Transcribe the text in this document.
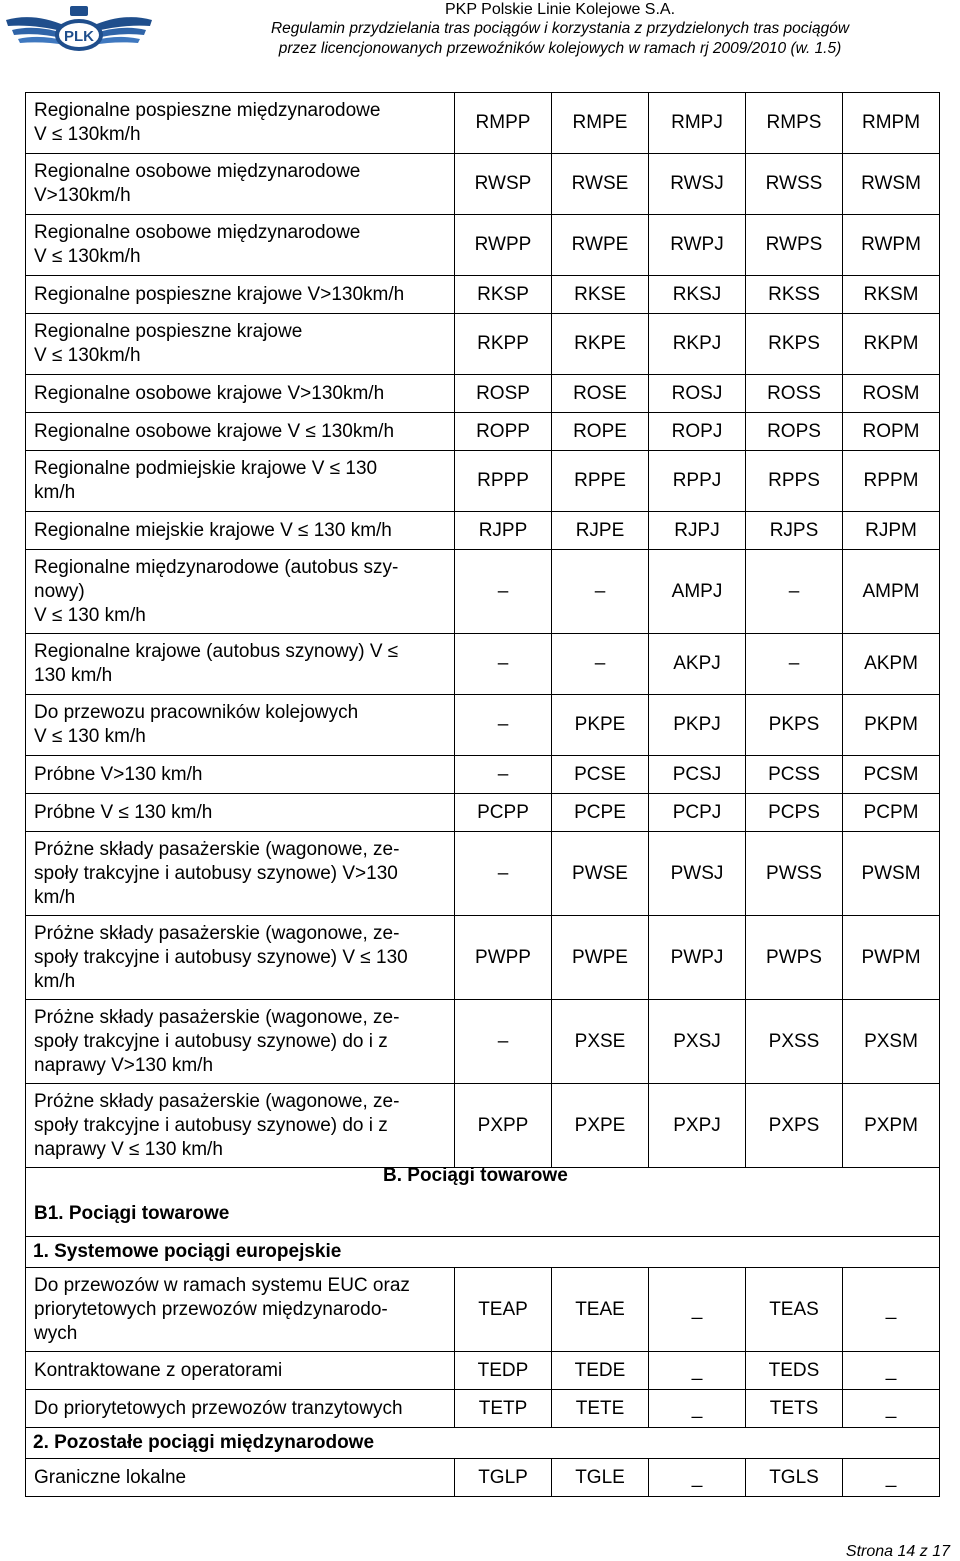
PLK
PKP Polskie Linie Kolejowe S.A.
Regulamin przydzielania tras pociągów i korzystania z przydzielonych tras pociągów
przez licencjonowanych przewoźników kolejowych w ramach rj 2009/2010 (w. 1.5)
Regionalne pospieszne międzynarodowe
V ≤ 130km/h	RMPP	RMPE	RMPJ	RMPS	RMPM

Regionalne osobowe międzynarodowe
V>130km/h	RWSP	RWSE	RWSJ	RWSS	RWSM

Regionalne osobowe międzynarodowe
V ≤ 130km/h	RWPP	RWPE	RWPJ	RWPS	RWPM

Regionalne pospieszne krajowe V>130km/h	RKSP	RKSE	RKSJ	RKSS	RKSM

Regionalne pospieszne krajowe
V ≤ 130km/h	RKPP	RKPE	RKPJ	RKPS	RKPM

Regionalne osobowe krajowe V>130km/h	ROSP	ROSE	ROSJ	ROSS	ROSM

Regionalne osobowe krajowe V ≤ 130km/h	ROPP	ROPE	ROPJ	ROPS	ROPM

Regionalne podmiejskie krajowe V ≤ 130
km/h	RPPP	RPPE	RPPJ	RPPS	RPPM

Regionalne miejskie krajowe V ≤ 130 km/h	RJPP	RJPE	RJPJ	RJPS	RJPM

Regionalne międzynarodowe (autobus szy-
nowy)
V ≤ 130 km/h	–	–	AMPJ	–	AMPM

Regionalne krajowe (autobus szynowy) V ≤
130 km/h	–	–	AKPJ	–	AKPM

Do przewozu pracowników kolejowych
V ≤ 130 km/h	–	PKPE	PKPJ	PKPS	PKPM

Próbne V>130 km/h	–	PCSE	PCSJ	PCSS	PCSM

Próbne V ≤ 130 km/h	PCPP	PCPE	PCPJ	PCPS	PCPM

Próżne składy pasażerskie (wagonowe, ze-
społy trakcyjne i autobusy szynowe) V>130
km/h	–	PWSE	PWSJ	PWSS	PWSM

Próżne składy pasażerskie (wagonowe, ze-
społy trakcyjne i autobusy szynowe) V ≤ 130
km/h	PWPP	PWPE	PWPJ	PWPS	PWPM

Próżne składy pasażerskie (wagonowe, ze-
społy trakcyjne i autobusy szynowe) do i z
naprawy V>130 km/h	–	PXSE	PXSJ	PXSS	PXSM

Próżne składy pasażerskie (wagonowe, ze-
społy trakcyjne i autobusy szynowe) do i z
naprawy V ≤ 130 km/h	PXPP	PXPE	PXPJ	PXPS	PXPM

B. Pociągi towarowe
B1. Pociągi towarowe					

1. Systemowe pociągi europejskie					

Do przewozów w ramach systemu EUC oraz
priorytetowych przewozów międzynarodo-
wych	TEAP	TEAE	_	TEAS	_

Kontraktowane z operatorami	TEDP	TEDE	_	TEDS	_

Do priorytetowych przewozów tranzytowych	TETP	TETE	_	TETS	_
2. Pozostałe pociągi międzynarodowe					

Graniczne lokalne	TGLP	TGLE	_	TGLS	_
Strona 14 z 17
